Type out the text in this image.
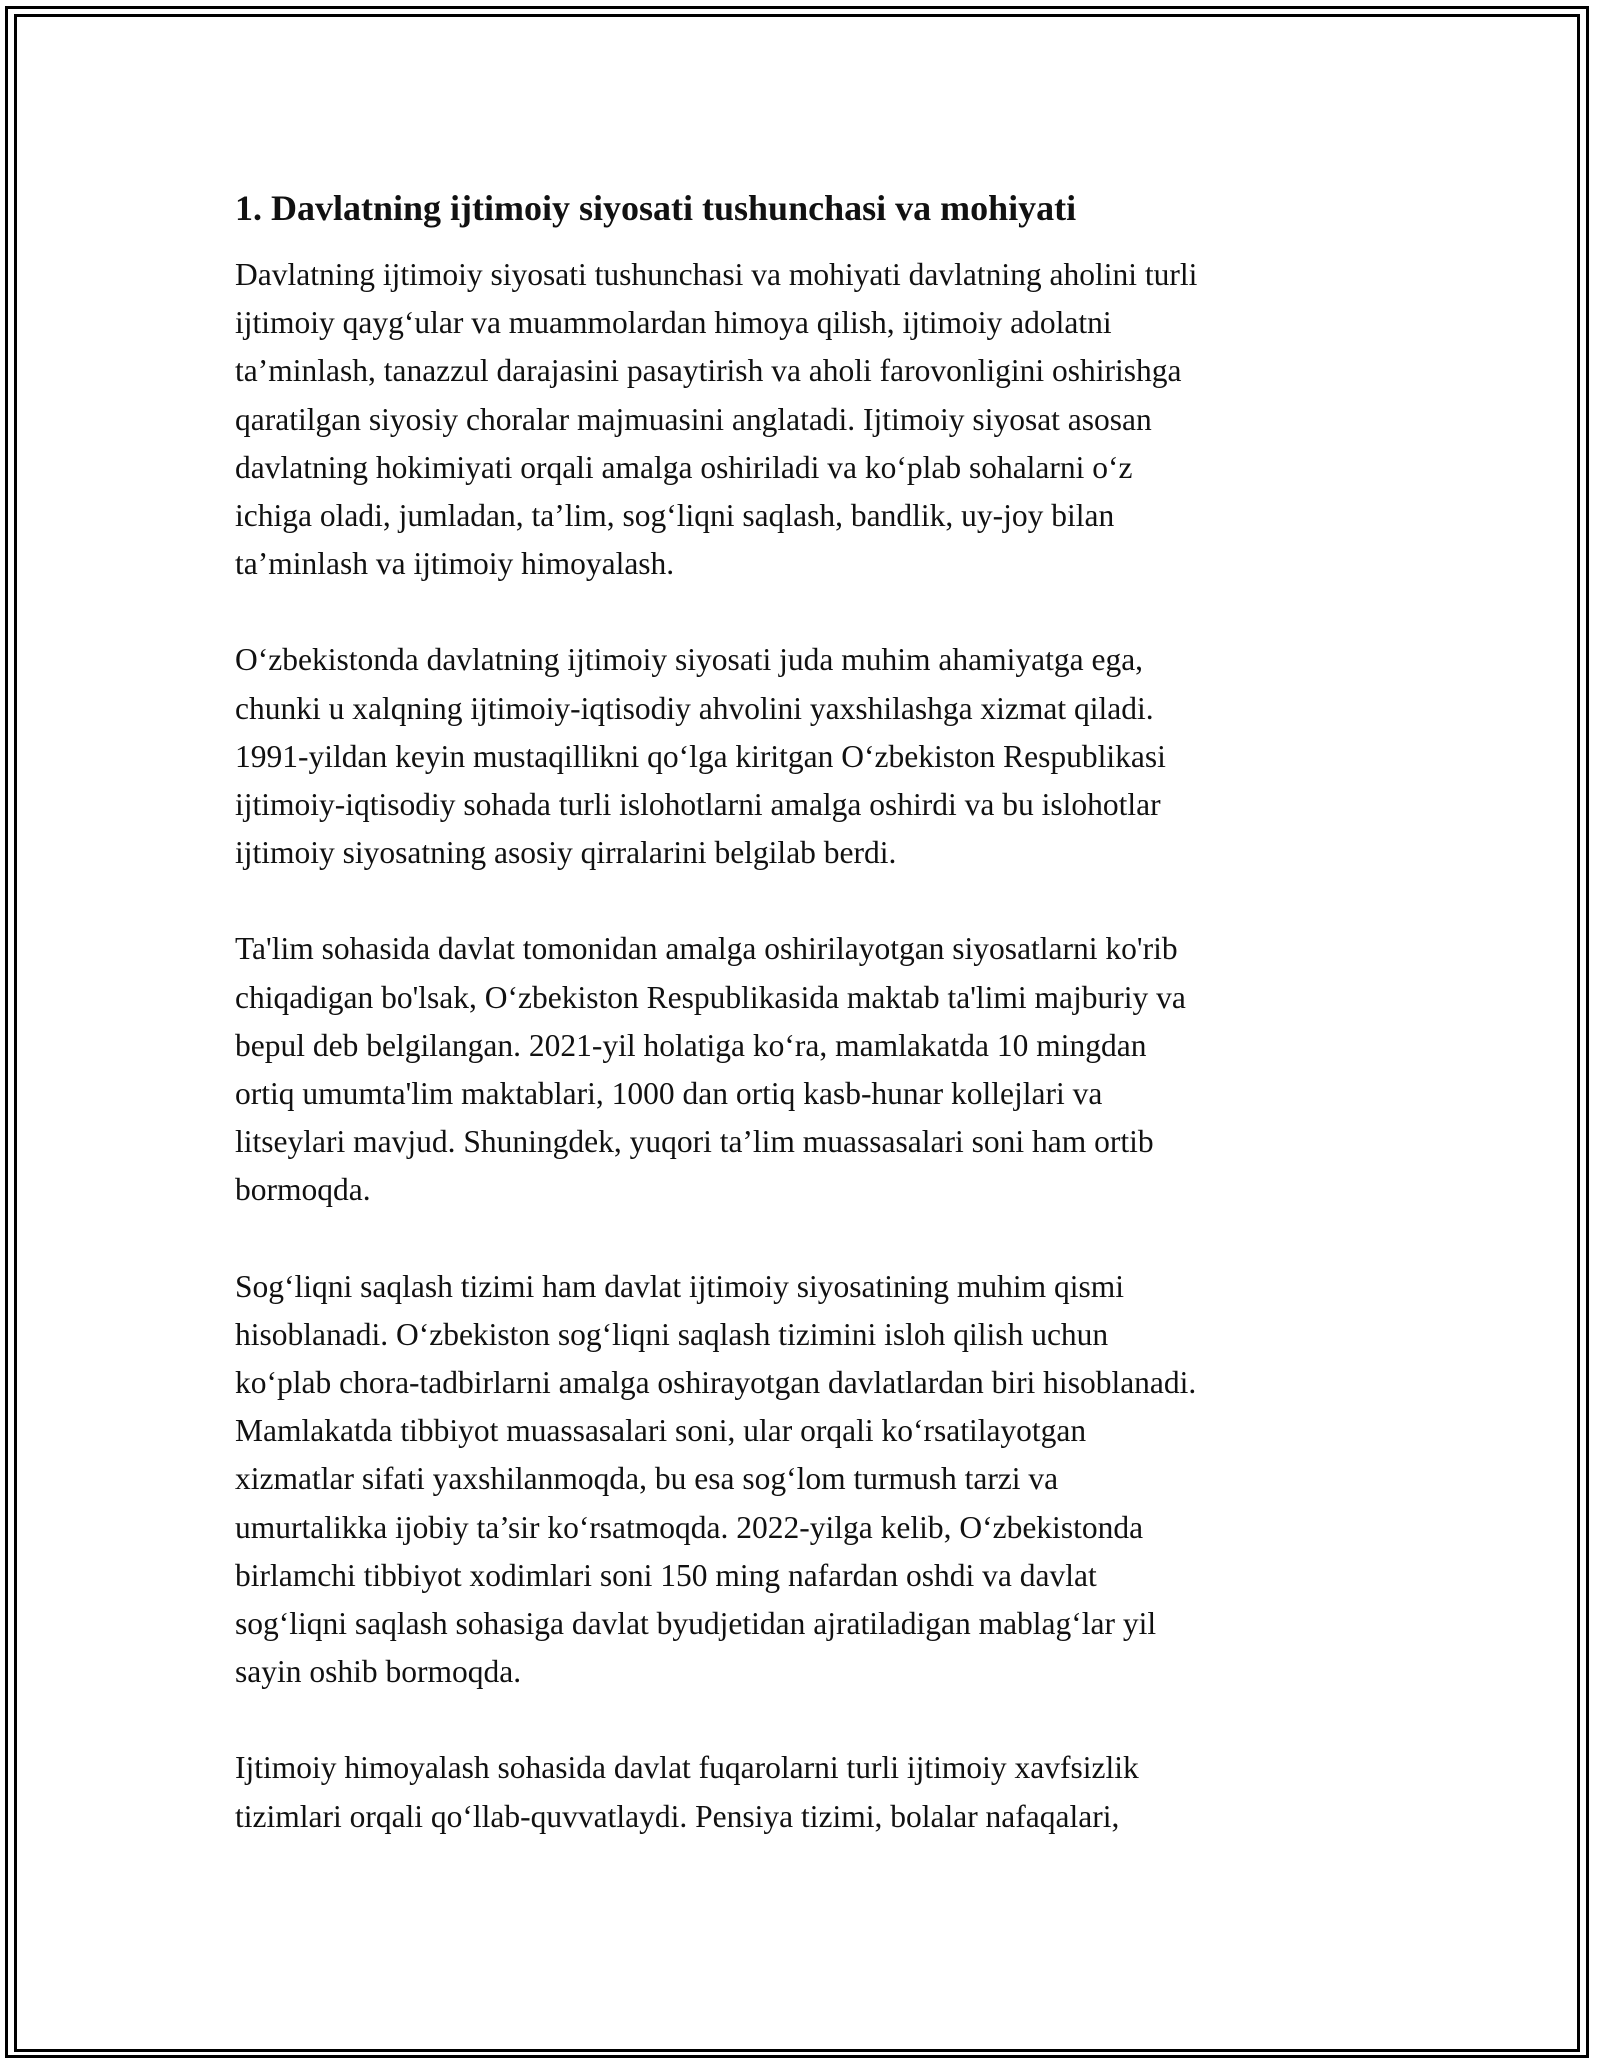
1. Davlatning ijtimoiy siyosati tushunchasi va mohiyati
Davlatning ijtimoiy siyosati tushunchasi va mohiyati davlatning aholini turli
ijtimoiy qayg‘ular va muammolardan himoya qilish, ijtimoiy adolatni
ta’minlash, tanazzul darajasini pasaytirish va aholi farovonligini oshirishga
qaratilgan siyosiy choralar majmuasini anglatadi. Ijtimoiy siyosat asosan
davlatning hokimiyati orqali amalga oshiriladi va ko‘plab sohalarni o‘z
ichiga oladi, jumladan, ta’lim, sog‘liqni saqlash, bandlik, uy-joy bilan
ta’minlash va ijtimoiy himoyalash.
O‘zbekistonda davlatning ijtimoiy siyosati juda muhim ahamiyatga ega,
chunki u xalqning ijtimoiy-iqtisodiy ahvolini yaxshilashga xizmat qiladi.
1991-yildan keyin mustaqillikni qo‘lga kiritgan O‘zbekiston Respublikasi
ijtimoiy-iqtisodiy sohada turli islohotlarni amalga oshirdi va bu islohotlar
ijtimoiy siyosatning asosiy qirralarini belgilab berdi.
Ta'lim sohasida davlat tomonidan amalga oshirilayotgan siyosatlarni ko'rib
chiqadigan bo'lsak, O‘zbekiston Respublikasida maktab ta'limi majburiy va
bepul deb belgilangan. 2021-yil holatiga ko‘ra, mamlakatda 10 mingdan
ortiq umumta'lim maktablari, 1000 dan ortiq kasb-hunar kollejlari va
litseylari mavjud. Shuningdek, yuqori ta’lim muassasalari soni ham ortib
bormoqda.
Sog‘liqni saqlash tizimi ham davlat ijtimoiy siyosatining muhim qismi
hisoblanadi. O‘zbekiston sog‘liqni saqlash tizimini isloh qilish uchun
ko‘plab chora-tadbirlarni amalga oshirayotgan davlatlardan biri hisoblanadi.
Mamlakatda tibbiyot muassasalari soni, ular orqali ko‘rsatilayotgan
xizmatlar sifati yaxshilanmoqda, bu esa sog‘lom turmush tarzi va
umurtalikka ijobiy ta’sir ko‘rsatmoqda. 2022-yilga kelib, O‘zbekistonda
birlamchi tibbiyot xodimlari soni 150 ming nafardan oshdi va davlat
sog‘liqni saqlash sohasiga davlat byudjetidan ajratiladigan mablag‘lar yil
sayin oshib bormoqda.
Ijtimoiy himoyalash sohasida davlat fuqarolarni turli ijtimoiy xavfsizlik
tizimlari orqali qo‘llab-quvvatlaydi. Pensiya tizimi, bolalar nafaqalari,
